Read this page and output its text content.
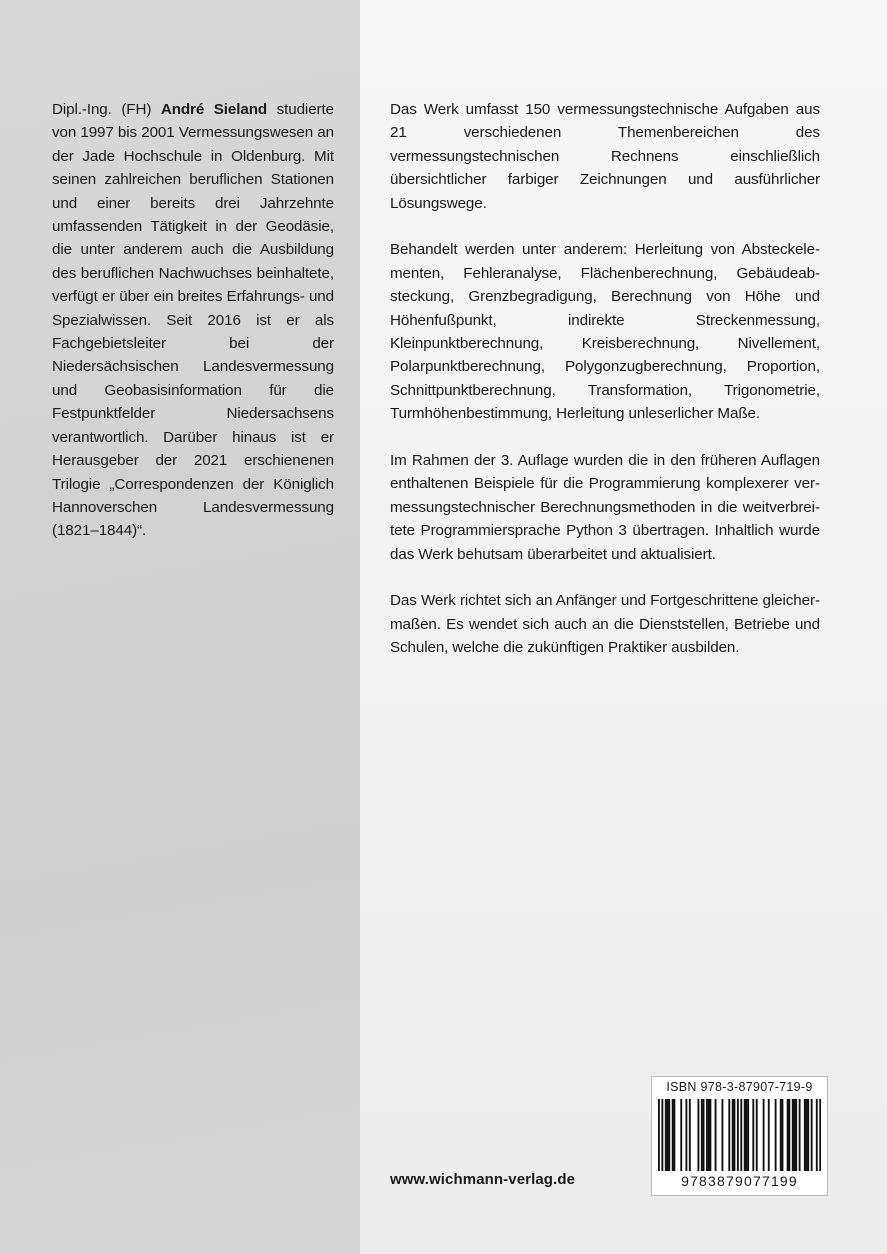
Dipl.-Ing. (FH) André Sieland studierte von 1997 bis 2001 Vermessungswesen an der Jade Hochschule in Oldenburg. Mit seinen zahlreichen beruflichen Stationen und einer bereits drei Jahrzehnte umfassenden Tätigkeit in der Geodäsie, die unter anderem auch die Ausbildung des beruflichen Nachwuchses beinhaltete, verfügt er über ein breites Erfahrungs- und Spezialwissen. Seit 2016 ist er als Fachgebietsleiter bei der Niedersächsischen Landesvermessung und Geobasisinformation für die Festpunktfelder Niedersachsens verantwortlich. Darüber hinaus ist er Herausgeber der 2021 erschienenen Trilogie „Correspondenzen der Königlich Hannoverschen Landesvermessung (1821–1844)“.

Das Werk umfasst 150 vermessungstechnische Aufgaben aus 21 verschiedenen Themenbereichen des vermessungstechnischen Rechnens einschließlich übersichtlicher farbiger Zeichnungen und ausführlicher Lösungswege.

Behandelt werden unter anderem: Herleitung von Absteckelementen, Fehleranalyse, Flächenberechnung, Gebäudeabsteckung, Grenzbegradigung, Berechnung von Höhe und Höhenfußpunkt, indirekte Streckenmessung, Kleinpunktberechnung, Kreisberechnung, Nivellement, Polarpunktberechnung, Polygonzugberechnung, Proportion, Schnittpunktberechnung, Transformation, Trigonometrie, Turmhöhenbestimmung, Herleitung unleserlicher Maße.

Im Rahmen der 3. Auflage wurden die in den früheren Auflagen enthaltenen Beispiele für die Programmierung komplexerer vermessungstechnischer Berechnungsmethoden in die weitverbreitete Programmiersprache Python 3 übertragen. Inhaltlich wurde das Werk behutsam überarbeitet und aktualisiert.

Das Werk richtet sich an Anfänger und Fortgeschrittene gleichermaßen. Es wendet sich auch an die Dienststellen, Betriebe und Schulen, welche die zukünftigen Praktiker ausbilden.

www.wichmann-verlag.de
ISBN 978-3-87907-719-9
9783879077199
